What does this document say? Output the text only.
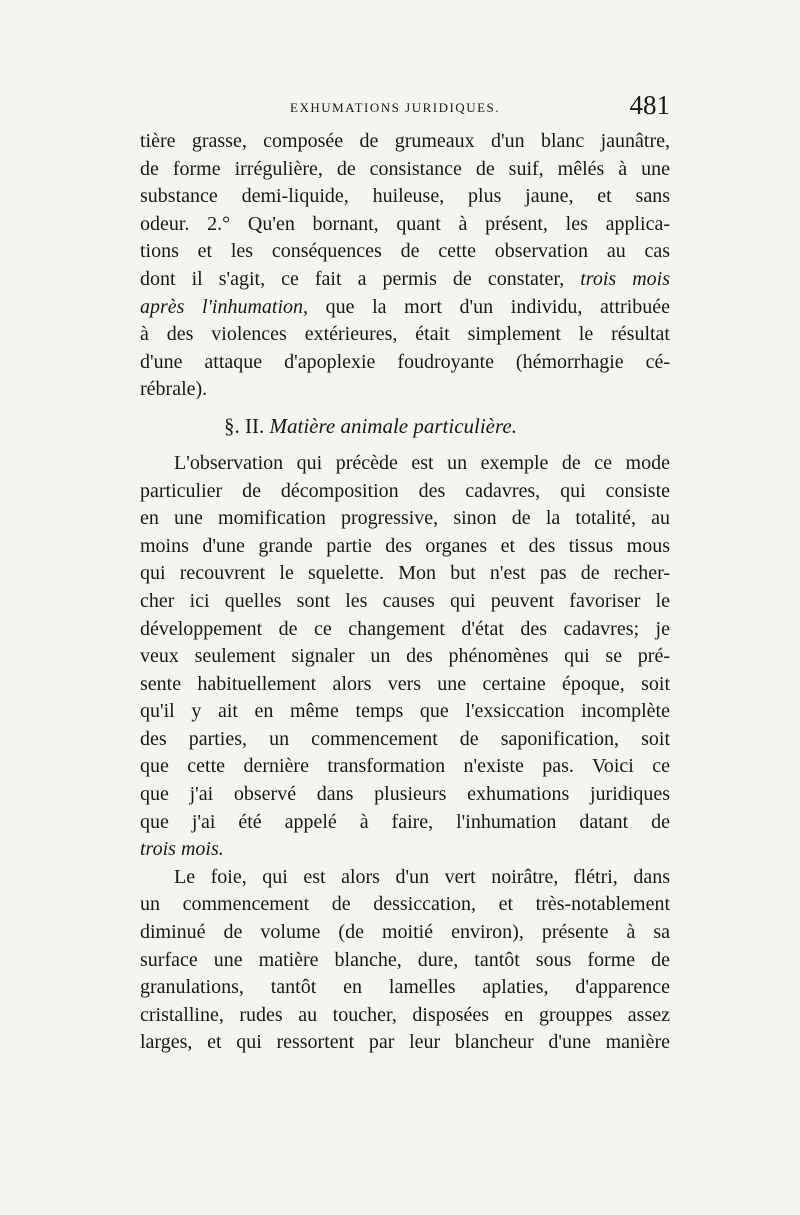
EXHUMATIONS JURIDIQUES.	481
tière grasse, composée de grumeaux d'un blanc jaunâtre,
de forme irrégulière, de consistance de suif, mêlés à une
substance demi-liquide, huileuse, plus jaune, et sans
odeur. 2.° Qu'en bornant, quant à présent, les applica-
tions et les conséquences de cette observation au cas
dont il s'agit, ce fait a permis de constater, trois mois
après l'inhumation, que la mort d'un individu, attribuée
à des violences extérieures, était simplement le résultat
d'une attaque d'apoplexie foudroyante (hémorrhagie cé-
rébrale).
§. II. Matière animale particulière.
L'observation qui précède est un exemple de ce mode
particulier de décomposition des cadavres, qui consiste
en une momification progressive, sinon de la totalité, au
moins d'une grande partie des organes et des tissus mous
qui recouvrent le squelette. Mon but n'est pas de recher-
cher ici quelles sont les causes qui peuvent favoriser le
développement de ce changement d'état des cadavres; je
veux seulement signaler un des phénomènes qui se pré-
sente habituellement alors vers une certaine époque, soit
qu'il y ait en même temps que l'exsiccation incomplète
des parties, un commencement de saponification, soit
que cette dernière transformation n'existe pas. Voici ce
que j'ai observé dans plusieurs exhumations juridiques
que j'ai été appelé à faire, l'inhumation datant de
trois mois.
Le foie, qui est alors d'un vert noirâtre, flétri, dans
un commencement de dessiccation, et très-notablement
diminué de volume (de moitié environ), présente à sa
surface une matière blanche, dure, tantôt sous forme de
granulations, tantôt en lamelles aplaties, d'apparence
cristalline, rudes au toucher, disposées en grouppes assez
larges, et qui ressortent par leur blancheur d'une manière
